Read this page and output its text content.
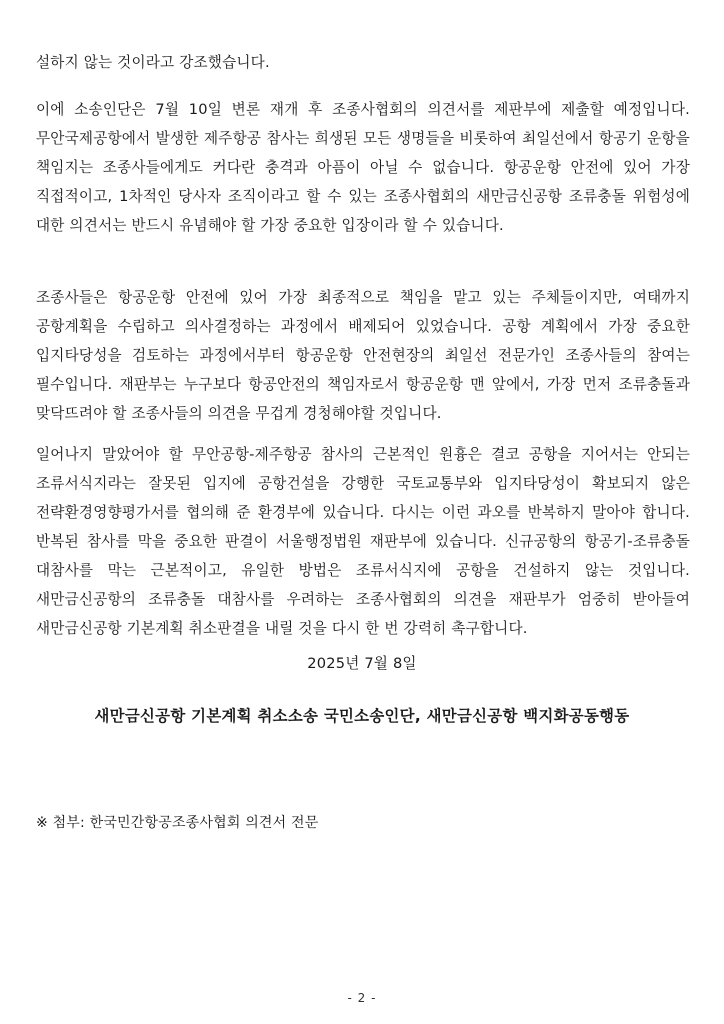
설하지 않는 것이라고 강조했습니다.

이에 소송인단은 7월 10일 변론 재개 후 조종사협회의 의견서를 제판부에 제출할 예정입니다. 무안국제공항에서 발생한 제주항공 참사는 희생된 모든 생명들을 비롯하여 최일선에서 항공기 운항을 책임지는 조종사들에게도 커다란 충격과 아픔이 아닐 수 없습니다. 항공운항 안전에 있어 가장 직접적이고, 1차적인 당사자 조직이라고 할 수 있는 조종사협회의 새만금신공항 조류충돌 위험성에 대한 의견서는 반드시 유념해야 할 가장 중요한 입장이라 할 수 있습니다.

조종사들은 항공운항 안전에 있어 가장 최종적으로 책임을 맡고 있는 주체들이지만, 여태까지 공항계획을 수립하고 의사결정하는 과정에서 배제되어 있었습니다. 공항 계획에서 가장 중요한 입지타당성을 검토하는 과정에서부터 항공운항 안전현장의 최일선 전문가인 조종사들의 참여는 필수입니다. 재판부는 누구보다 항공안전의 책임자로서 항공운항 맨 앞에서, 가장 먼저 조류충돌과 맞닥뜨려야 할 조종사들의 의견을 무겁게 경청해야할 것입니다.

일어나지 말았어야 할 무안공항-제주항공 참사의 근본적인 원흉은 결코 공항을 지어서는 안되는 조류서식지라는 잘못된 입지에 공항건설을 강행한 국토교통부와 입지타당성이 확보되지 않은 전략환경영향평가서를 협의해 준 환경부에 있습니다. 다시는 이런 과오를 반복하지 말아야 합니다. 반복된 참사를 막을 중요한 판결이 서울행정법원 재판부에 있습니다. 신규공항의 항공기-조류충돌 대참사를 막는 근본적이고, 유일한 방법은 조류서식지에 공항을 건설하지 않는 것입니다. 새만금신공항의 조류충돌 대참사를 우려하는 조종사협회의 의견을 재판부가 엄중히 받아들여 새만금신공항 기본계획 취소판결을 내릴 것을 다시 한 번 강력히 촉구합니다.

2025년 7월 8일
새만금신공항 기본계획 취소소송 국민소송인단, 새만금신공항 백지화공동행동
※ 첨부: 한국민간항공조종사협회 의견서 전문
- 2 -
